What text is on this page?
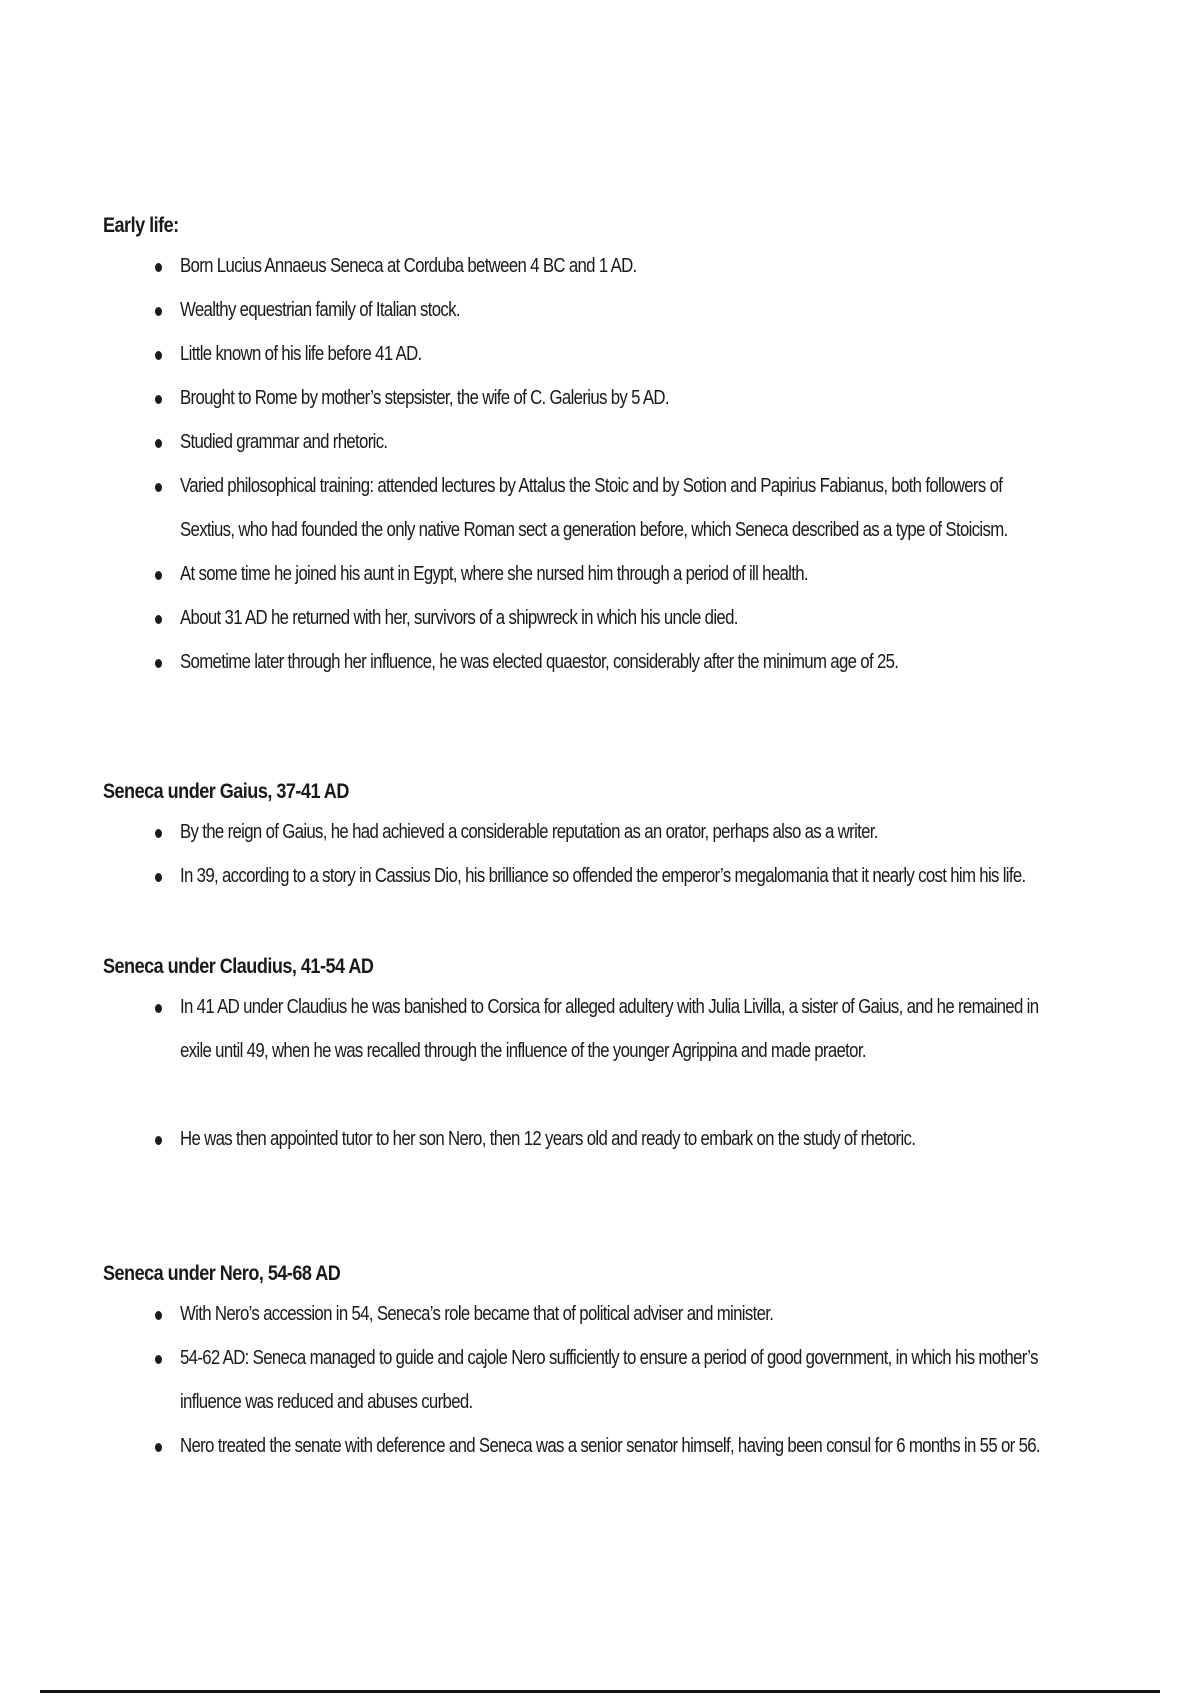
Early life:
Born Lucius Annaeus Seneca at Corduba between 4 BC and 1 AD.
Wealthy equestrian family of Italian stock.
Little known of his life before 41 AD.
Brought to Rome by mother’s stepsister, the wife of C. Galerius by 5 AD.
Studied grammar and rhetoric.
Varied philosophical training: attended lectures by Attalus the Stoic and by Sotion and Papirius Fabianus, both followers of Sextius, who had founded the only native Roman sect a generation before, which Seneca described as a type of Stoicism.
At some time he joined his aunt in Egypt, where she nursed him through a period of ill health.
About 31 AD he returned with her, survivors of a shipwreck in which his uncle died.
Sometime later through her influence, he was elected quaestor, considerably after the minimum age of 25.
Seneca under Gaius, 37-41 AD
By the reign of Gaius, he had achieved a considerable reputation as an orator, perhaps also as a writer.
In 39, according to a story in Cassius Dio, his brilliance so offended the emperor’s megalomania that it nearly cost him his life.
Seneca under Claudius, 41-54 AD
In 41 AD under Claudius he was banished to Corsica for alleged adultery with Julia Livilla, a sister of Gaius, and he remained in exile until 49, when he was recalled through the influence of the younger Agrippina and made praetor.
He was then appointed tutor to her son Nero, then 12 years old and ready to embark on the study of rhetoric.
Seneca under Nero, 54-68 AD
With Nero’s accession in 54, Seneca’s role became that of political adviser and minister.
54-62 AD: Seneca managed to guide and cajole Nero sufficiently to ensure a period of good government, in which his mother’s influence was reduced and abuses curbed.
Nero treated the senate with deference and Seneca was a senior senator himself, having been consul for 6 months in 55 or 56.
